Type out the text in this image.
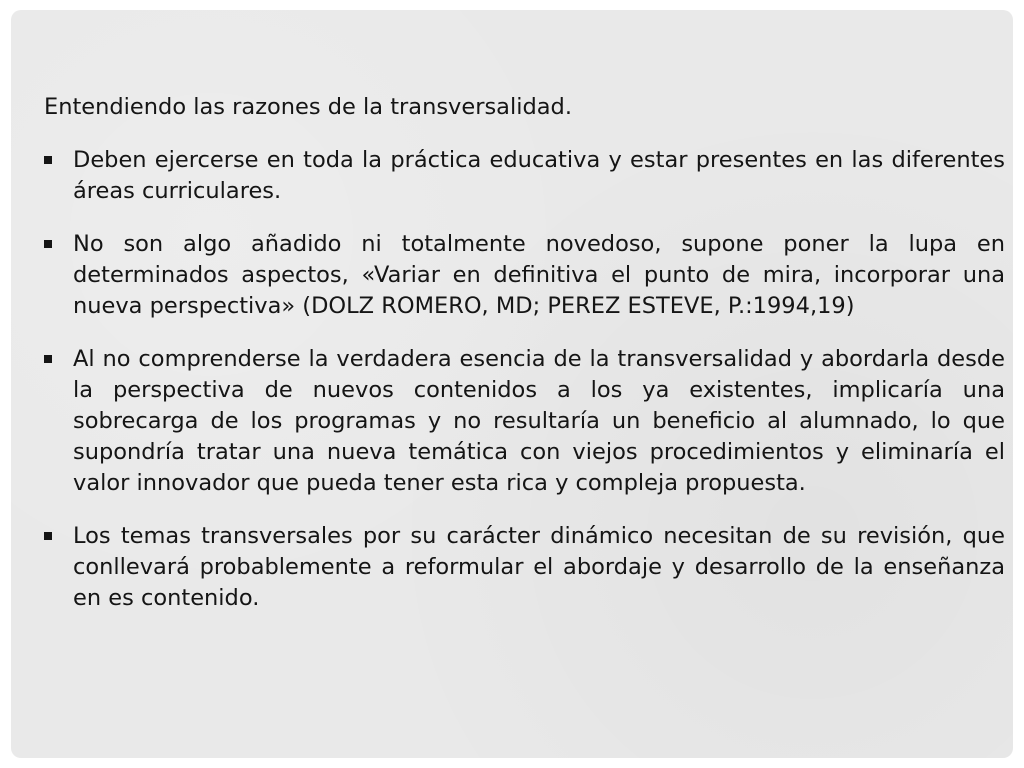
Entendiendo las razones de la transversalidad.

Deben ejercerse en toda la práctica educativa y estar presentes en las diferentes áreas curriculares.
No son algo añadido ni totalmente novedoso, supone poner la lupa en determinados aspectos, «Variar en definitiva el punto de mira, incorporar una nueva perspectiva» (DOLZ ROMERO, MD; PEREZ ESTEVE, P.:1994,19)
Al no comprenderse la verdadera esencia de la transversalidad y abordarla desde la perspectiva de nuevos contenidos a los ya existentes, implicaría una sobrecarga de los programas y no resultaría un beneficio al alumnado, lo que supondría tratar una nueva temática con viejos procedimientos y eliminaría el valor innovador que pueda tener esta rica y compleja propuesta.
Los temas transversales por su carácter dinámico necesitan de su revisión, que conllevará probablemente a reformular el abordaje y desarrollo de la enseñanza en es contenido.
